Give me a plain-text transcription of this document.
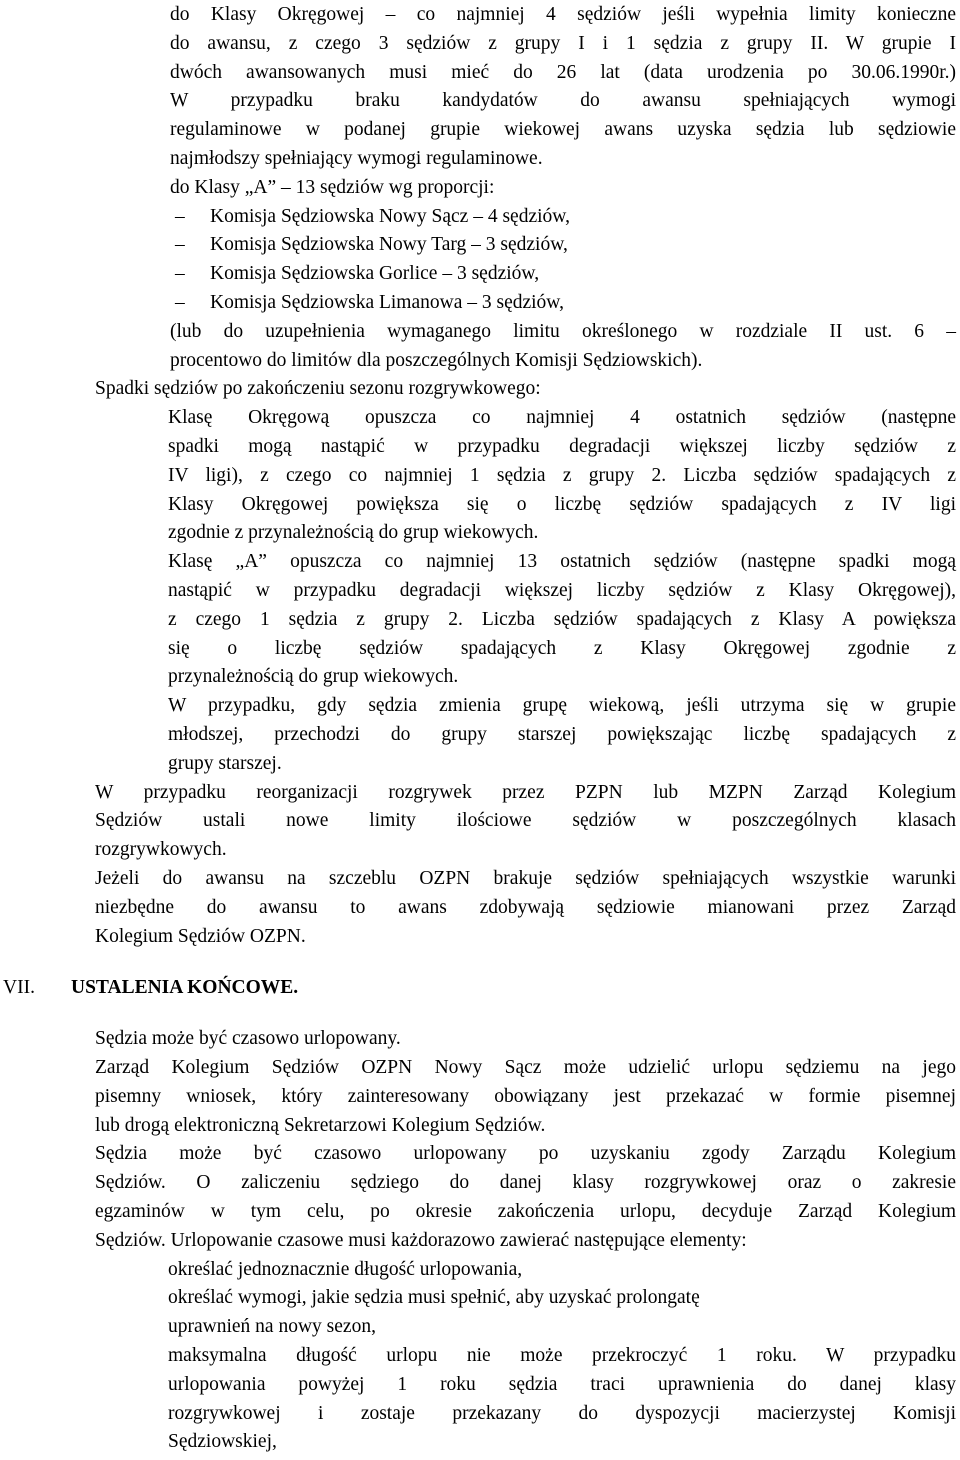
do Klasy Okręgowej – co najmniej 4 sędziów jeśli wypełnia limity konieczne
do awansu, z czego 3 sędziów z grupy I i 1 sędzia z grupy II. W grupie I
dwóch awansowanych musi mieć do 26 lat (data urodzenia po 30.06.1990r.)
W przypadku braku kandydatów do awansu spełniających wymogi
regulaminowe w podanej grupie wiekowej awans uzyska sędzia lub sędziowie
najmłodszy spełniający wymogi regulaminowe.
do Klasy „A” – 13 sędziów wg proporcji:
– Komisja Sędziowska Nowy Sącz – 4 sędziów,
– Komisja Sędziowska Nowy Targ – 3 sędziów,
– Komisja Sędziowska Gorlice – 3 sędziów,
– Komisja Sędziowska Limanowa – 3 sędziów,
(lub do uzupełnienia wymaganego limitu określonego w rozdziale II ust. 6 –
procentowo do limitów dla poszczególnych Komisji Sędziowskich).
Spadki sędziów po zakończeniu sezonu rozgrywkowego:
Klasę Okręgową opuszcza co najmniej 4 ostatnich sędziów (następne
spadki mogą nastąpić w przypadku degradacji większej liczby sędziów z
IV ligi), z czego co najmniej 1 sędzia z grupy 2. Liczba sędziów spadających z
Klasy Okręgowej powiększa się o liczbę sędziów spadających z IV ligi
zgodnie z przynależnością do grup wiekowych.
Klasę „A” opuszcza co najmniej 13 ostatnich sędziów (następne spadki mogą
nastąpić w przypadku degradacji większej liczby sędziów z Klasy Okręgowej),
z czego 1 sędzia z grupy 2. Liczba sędziów spadających z Klasy A powiększa
się o liczbę sędziów spadających z Klasy Okręgowej zgodnie z
przynależnością do grup wiekowych.
W przypadku, gdy sędzia zmienia grupę wiekową, jeśli utrzyma się w grupie
młodszej, przechodzi do grupy starszej powiększając liczbę spadających z
grupy starszej.
W przypadku reorganizacji rozgrywek przez PZPN lub MZPN Zarząd Kolegium
Sędziów ustali nowe limity ilościowe sędziów w poszczególnych klasach
rozgrywkowych.
Jeżeli do awansu na szczeblu OZPN brakuje sędziów spełniających wszystkie warunki
niezbędne do awansu to awans zdobywają sędziowie mianowani przez Zarząd
Kolegium Sędziów OZPN.
VII. USTALENIA KOŃCOWE.
Sędzia może być czasowo urlopowany.
Zarząd Kolegium Sędziów OZPN Nowy Sącz może udzielić urlopu sędziemu na jego
pisemny wniosek, który zainteresowany obowiązany jest przekazać w formie pisemnej
lub drogą elektroniczną Sekretarzowi Kolegium Sędziów.
Sędzia może być czasowo urlopowany po uzyskaniu zgody Zarządu Kolegium
Sędziów. O zaliczeniu sędziego do danej klasy rozgrywkowej oraz o zakresie
egzaminów w tym celu, po okresie zakończenia urlopu, decyduje Zarząd Kolegium
Sędziów. Urlopowanie czasowe musi każdorazowo zawierać następujące elementy:
określać jednoznacznie długość urlopowania,
określać wymogi, jakie sędzia musi spełnić, aby uzyskać prolongatę
uprawnień na nowy sezon,
maksymalna długość urlopu nie może przekroczyć 1 roku. W przypadku
urlopowania powyżej 1 roku sędzia traci uprawnienia do danej klasy
rozgrywkowej i zostaje przekazany do dyspozycji macierzystej Komisji
Sędziowskiej,
